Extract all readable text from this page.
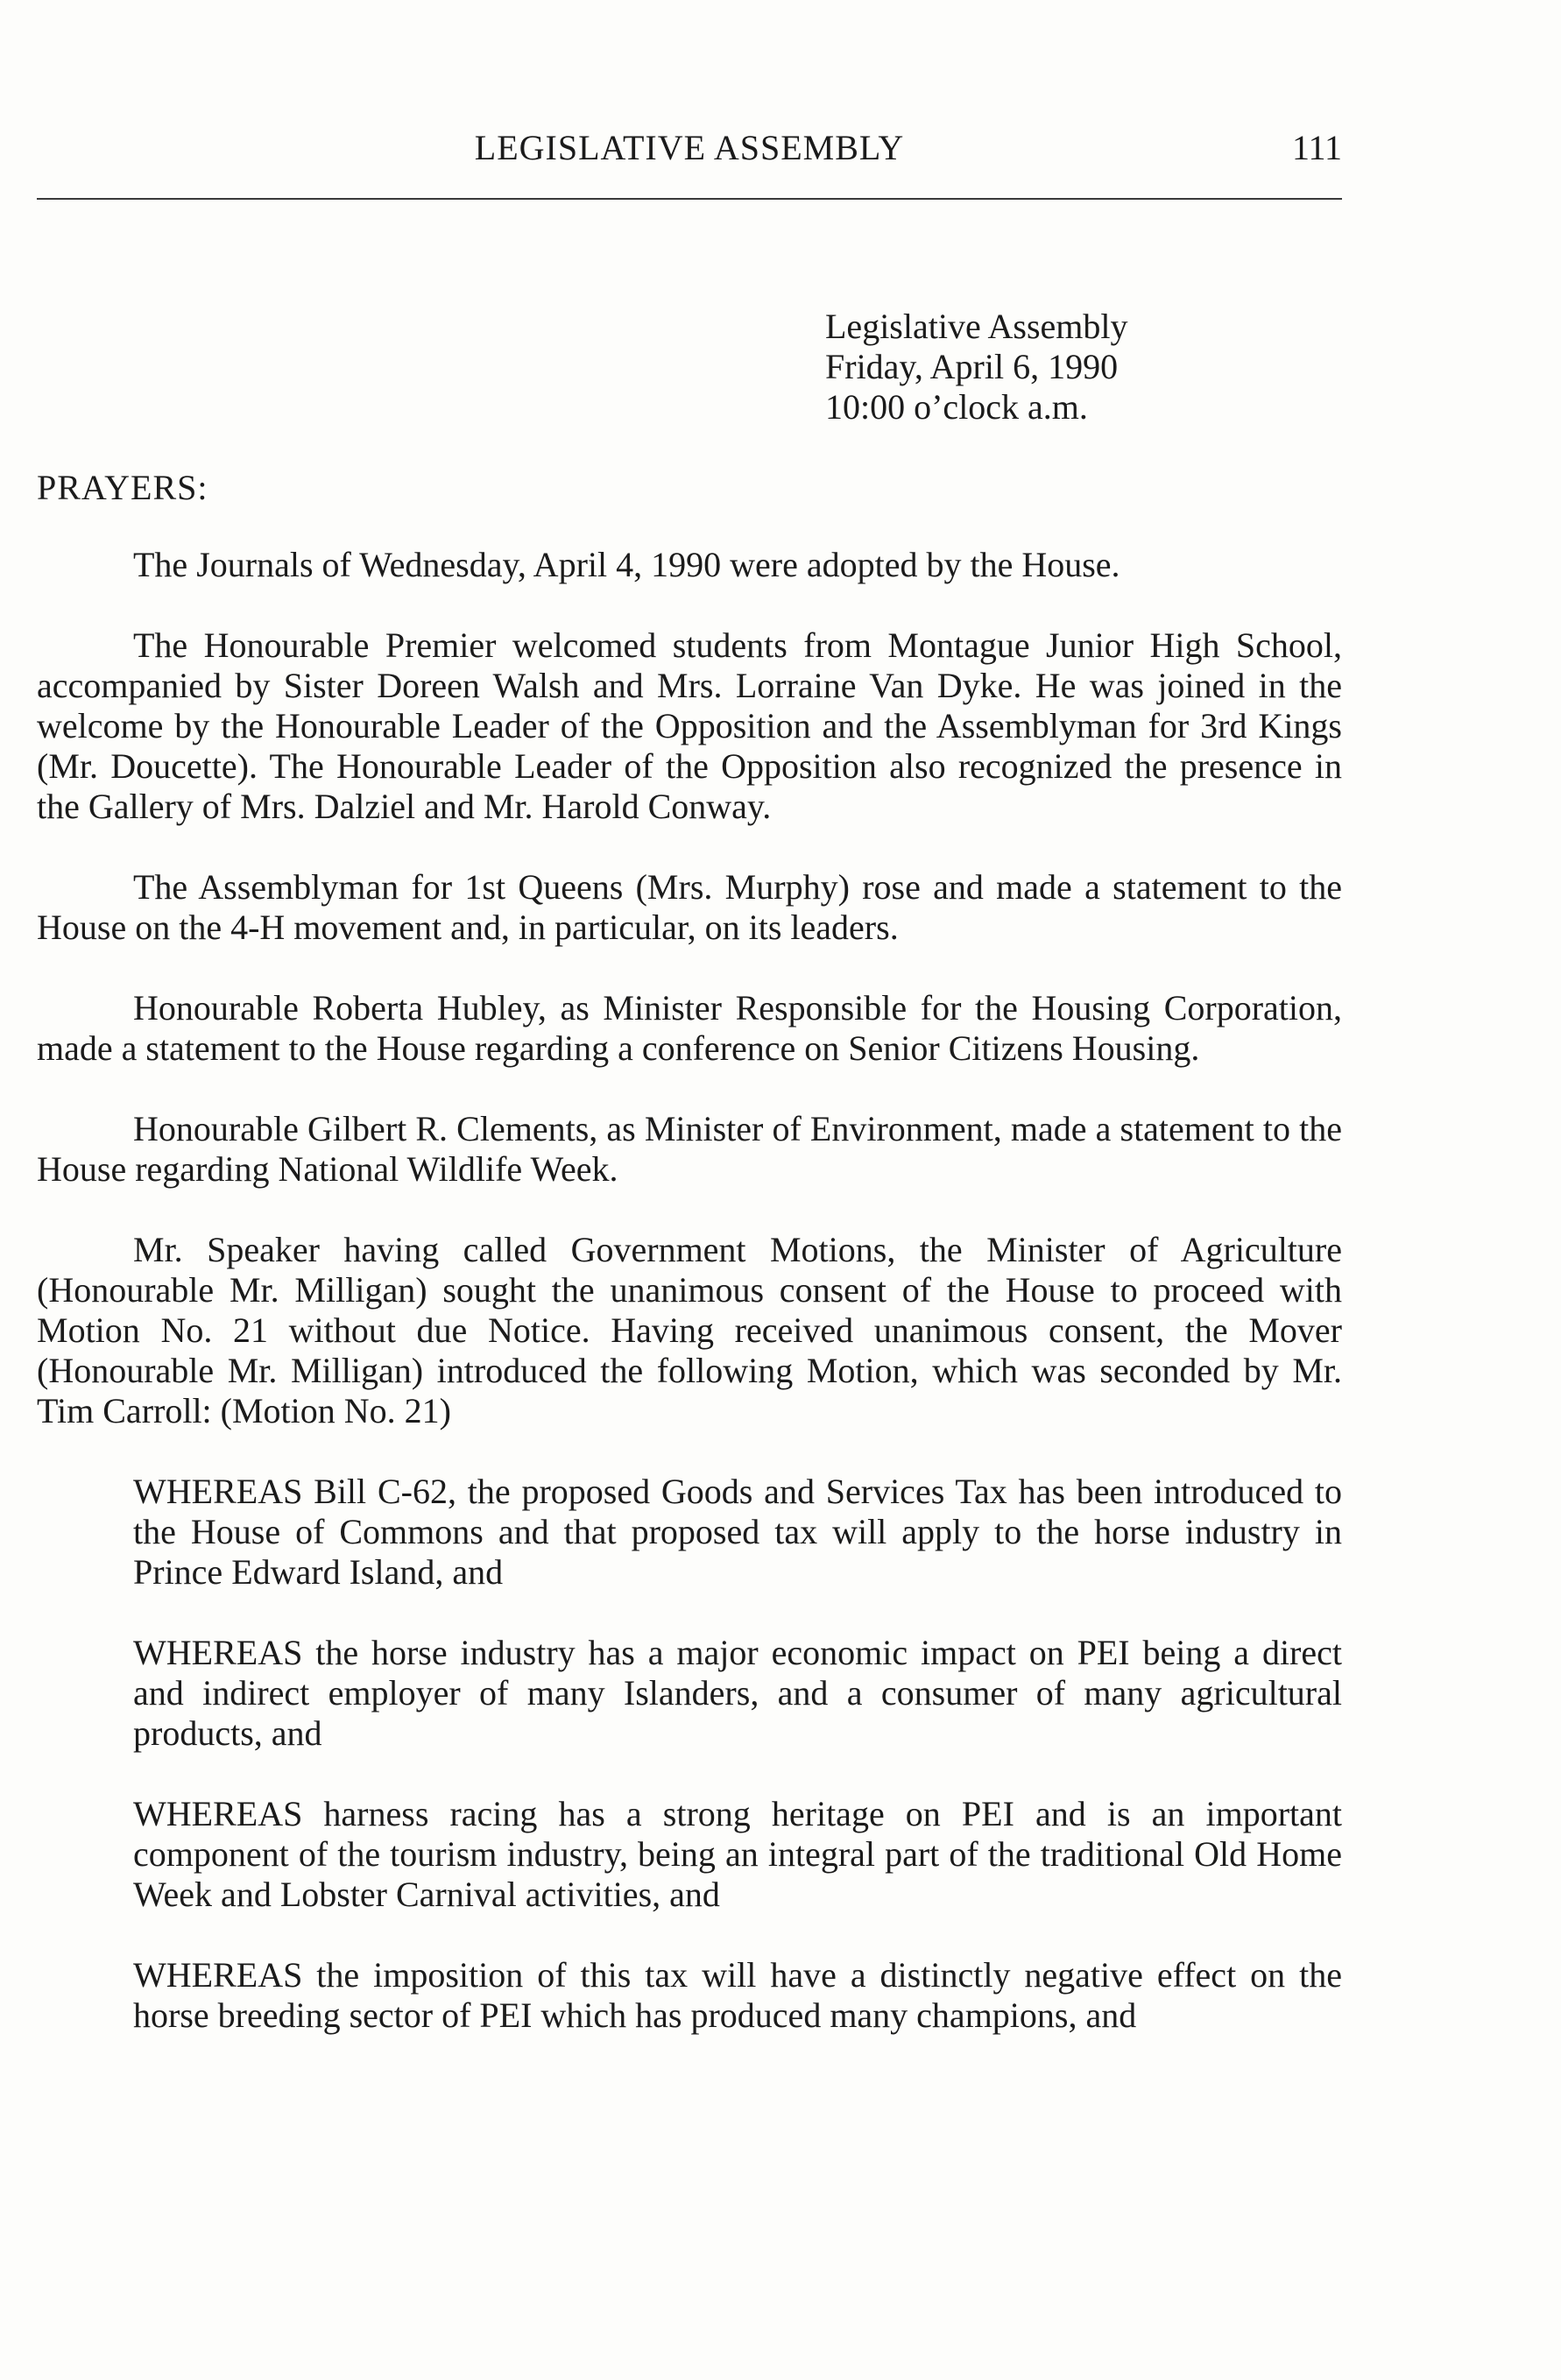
LEGISLATIVE ASSEMBLY	111
Legislative Assembly
Friday, April 6, 1990
10:00 o’clock a.m.
PRAYERS:

The Journals of Wednesday, April 4, 1990 were adopted by the House.

The Honourable Premier welcomed students from Montague Junior High School, accompanied by Sister Doreen Walsh and Mrs. Lorraine Van Dyke. He was joined in the welcome by the Honourable Leader of the Opposition and the Assemblyman for 3rd Kings (Mr. Doucette). The Honourable Leader of the Opposition also recognized the presence in the Gallery of Mrs. Dalziel and Mr. Harold Conway.

The Assemblyman for 1st Queens (Mrs. Murphy) rose and made a statement to the House on the 4-H movement and, in particular, on its leaders.

Honourable Roberta Hubley, as Minister Responsible for the Housing Corporation, made a statement to the House regarding a conference on Senior Citizens Housing.

Honourable Gilbert R. Clements, as Minister of Environment, made a statement to the House regarding National Wildlife Week.

Mr. Speaker having called Government Motions, the Minister of Agriculture (Honourable Mr. Milligan) sought the unanimous consent of the House to proceed with Motion No. 21 without due Notice. Having received unanimous consent, the Mover (Honourable Mr. Milligan) introduced the following Motion, which was seconded by Mr. Tim Carroll: (Motion No. 21)

WHEREAS Bill C-62, the proposed Goods and Services Tax has been introduced to the House of Commons and that proposed tax will apply to the horse industry in Prince Edward Island, and
WHEREAS the horse industry has a major economic impact on PEI being a direct and indirect employer of many Islanders, and a consumer of many agricultural products, and
WHEREAS harness racing has a strong heritage on PEI and is an important component of the tourism industry, being an integral part of the traditional Old Home Week and Lobster Carnival activities, and
WHEREAS the imposition of this tax will have a distinctly negative effect on the horse breeding sector of PEI which has produced many champions, and
